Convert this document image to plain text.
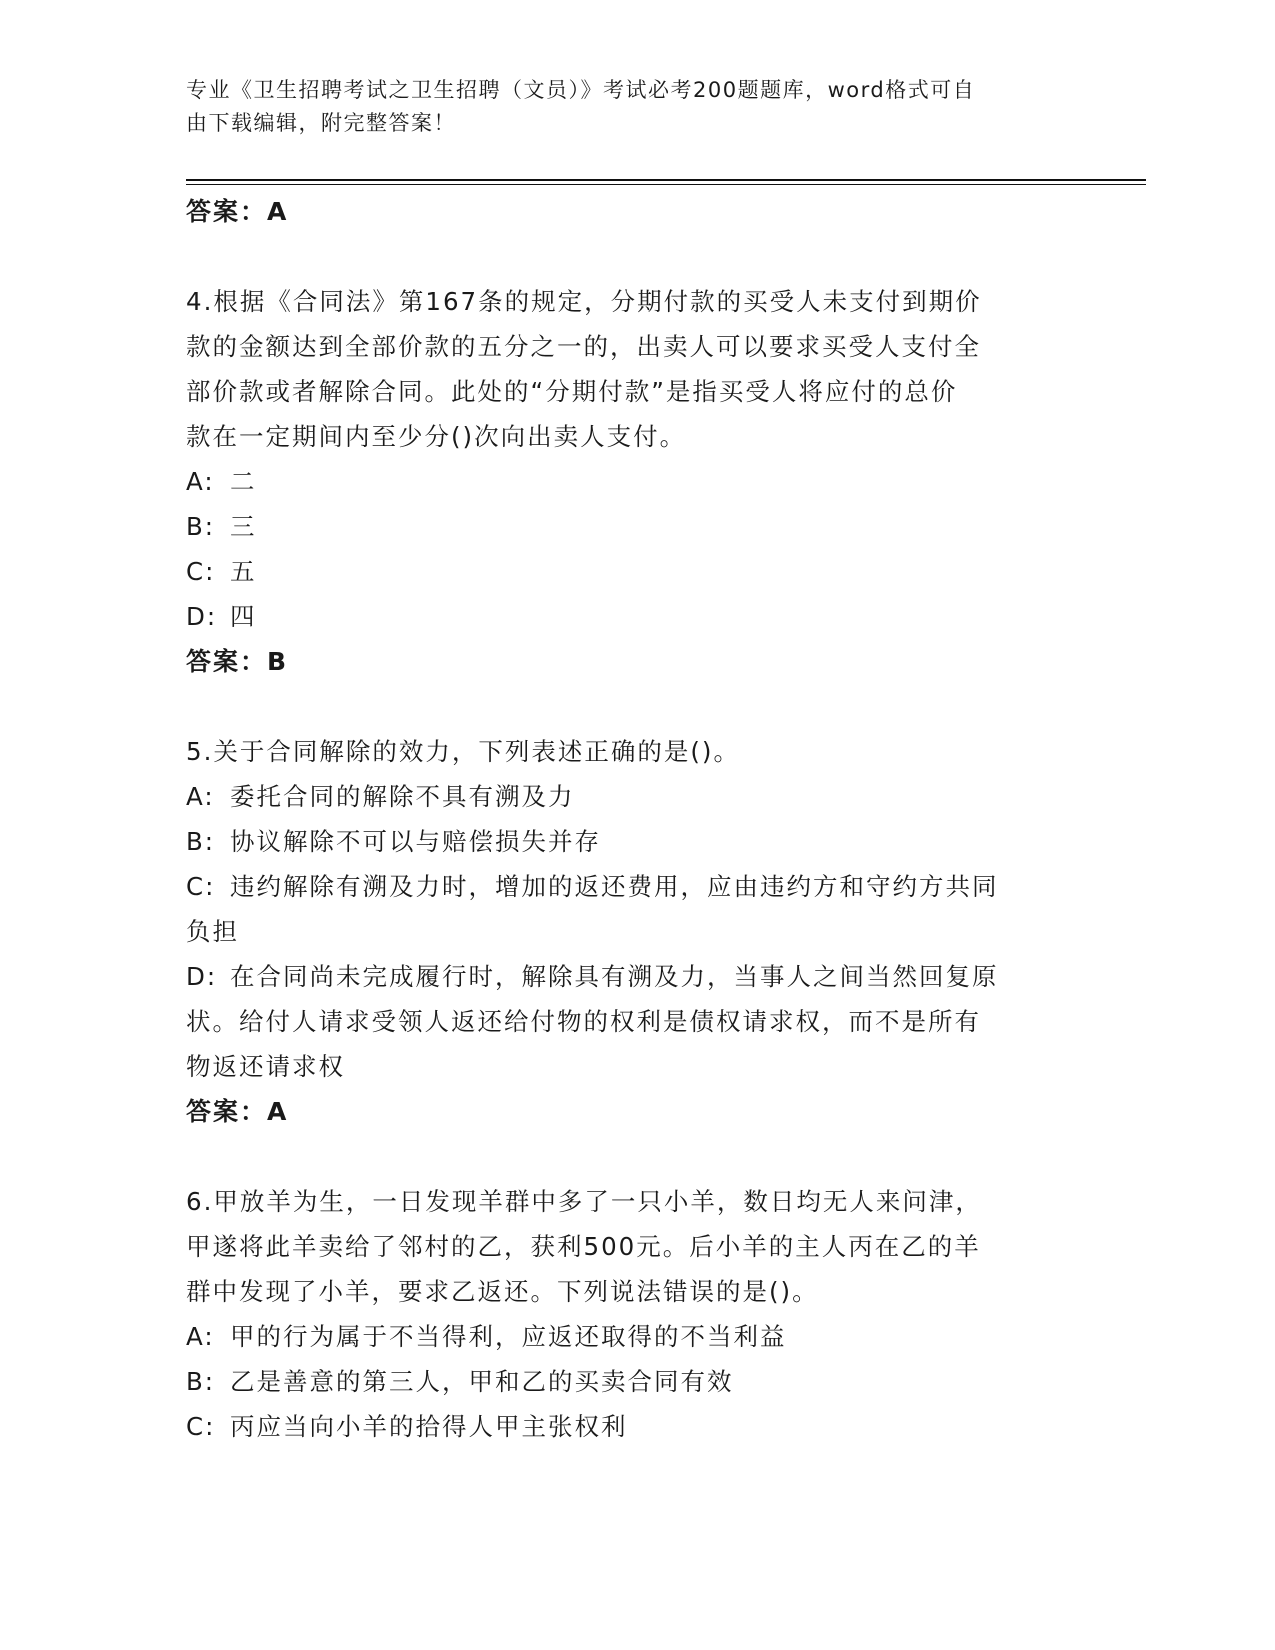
专业《卫生招聘考试之卫生招聘（文员）》考试必考200题题库，word格式可自
由下载编辑，附完整答案！

答案：A

4.根据《合同法》第167条的规定，分期付款的买受人未支付到期价

款的金额达到全部价款的五分之一的，出卖人可以要求买受人支付全

部价款或者解除合同。此处的“分期付款”是指买受人将应付的总价

款在一定期间内至少分()次向出卖人支付。

A: 二

B: 三

C: 五

D: 四

答案：B

5.关于合同解除的效力，下列表述正确的是()。

A: 委托合同的解除不具有溯及力

B: 协议解除不可以与赔偿损失并存

C: 违约解除有溯及力时，增加的返还费用，应由违约方和守约方共同

负担

D: 在合同尚未完成履行时，解除具有溯及力，当事人之间当然回复原

状。给付人请求受领人返还给付物的权利是债权请求权，而不是所有

物返还请求权

答案：A

6.甲放羊为生，一日发现羊群中多了一只小羊，数日均无人来问津，

甲遂将此羊卖给了邻村的乙，获利500元。后小羊的主人丙在乙的羊

群中发现了小羊，要求乙返还。下列说法错误的是()。

A: 甲的行为属于不当得利，应返还取得的不当利益

B: 乙是善意的第三人，甲和乙的买卖合同有效

C: 丙应当向小羊的拾得人甲主张权利
